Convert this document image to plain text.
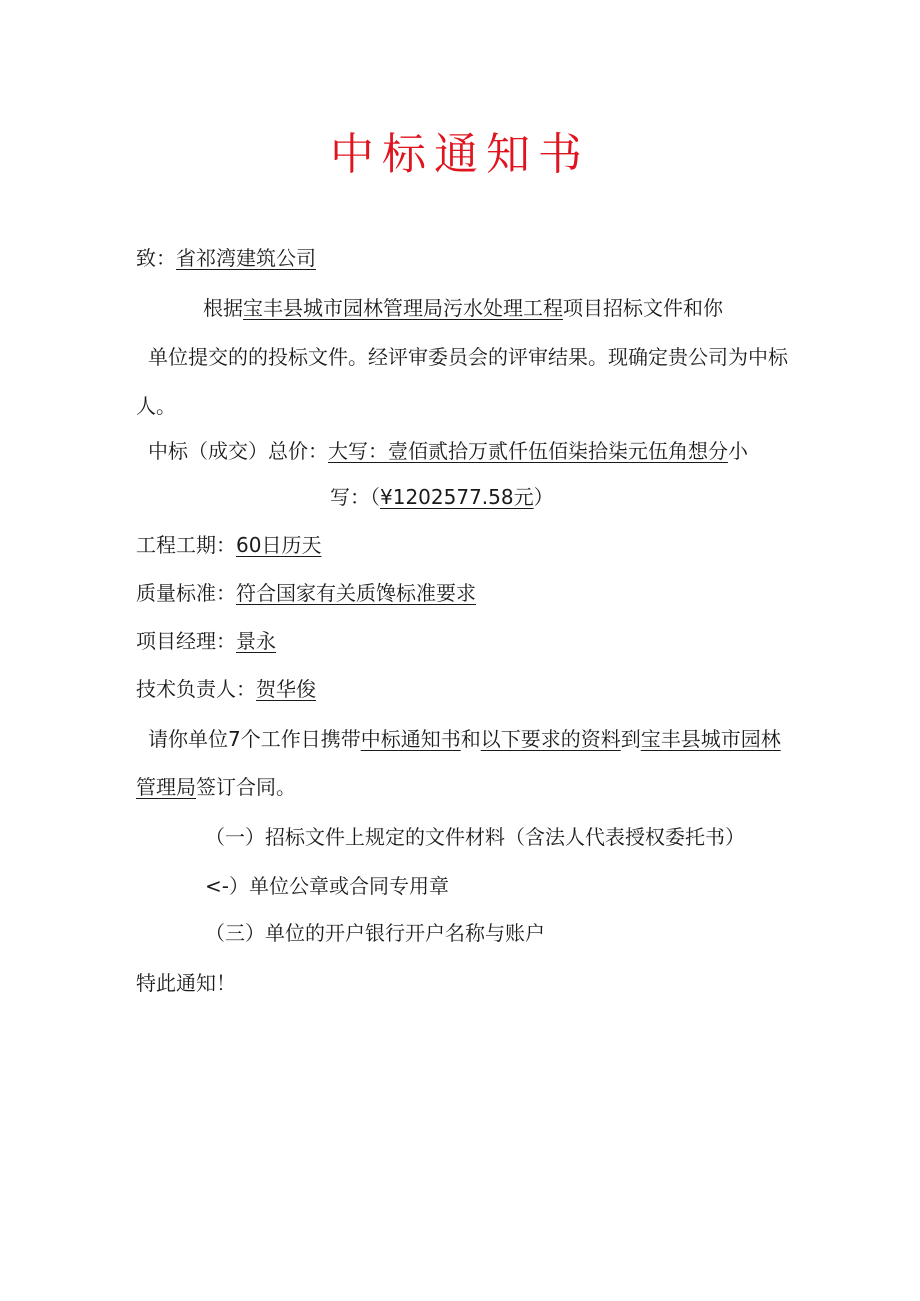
中标通知书
致：省祁湾建筑公司
根据宝丰县城市园林管理局污水处理工程项目招标文件和你
单位提交的的投标文件。经评审委员会的评审结果。现确定贵公司为中标
人。
中标（成交）总价：大写：壹佰贰拾万贰仟伍佰柒拾柒元伍角想分小
写：（¥1202577.58元）
工程工期：60日历天
质量标准：符合国家有关质馋标准要求
项目经理：景永
技术负责人：贺华俊
请你单位7个工作日携带中标通知书和以下要求的资料到宝丰县城市园林
管理局签订合同。
（一）招标文件上规定的文件材料（含法人代表授权委托书）
<-）单位公章或合同专用章
（三）单位的开户银行开户名称与账户
特此通知！
